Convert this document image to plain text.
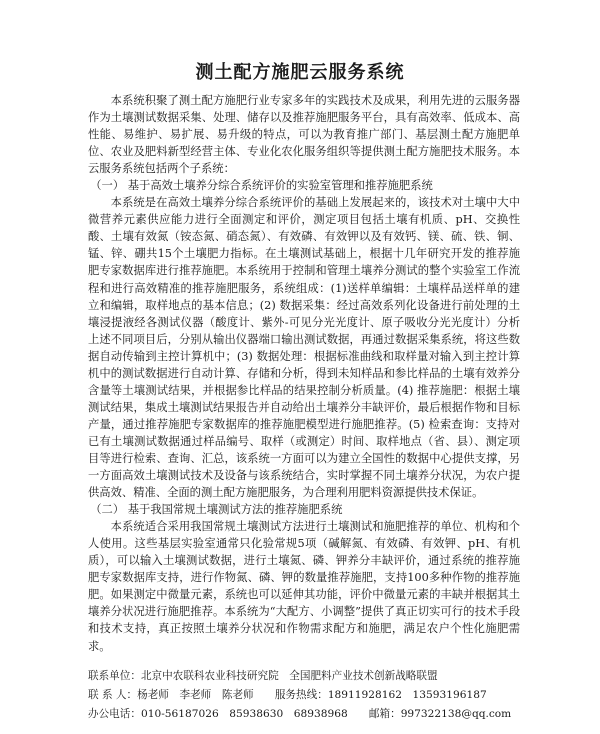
测土配方施肥云服务系统

本系统积聚了测土配方施肥行业专家多年的实践技术及成果，利用先进的云服务器作为土壤测试数据采集、处理、储存以及推荐施肥服务平台，具有高效率、低成本、高性能、易维护、易扩展、易升级的特点，可以为教育推广部门、基层测土配方施肥单位、农业及肥料新型经营主体、专业化农化服务组织等提供测土配方施肥技术服务。本云服务系统包括两个子系统：

（一） 基于高效土壤养分综合系统评价的实验室管理和推荐施肥系统

本系统是在高效土壤养分综合系统评价的基础上发展起来的，该技术对土壤中大中微营养元素供应能力进行全面测定和评价，测定项目包括土壤有机质、pH、交换性酸、土壤有效氮（铵态氮、硝态氮）、有效磷、有效钾以及有效钙、镁、硫、铁、铜、锰、锌、硼共15个土壤肥力指标。在土壤测试基础上，根据十几年研究开发的推荐施肥专家数据库进行推荐施肥。本系统用于控制和管理土壤养分测试的整个实验室工作流程和进行高效精准的推荐施肥服务，系统组成：(1)送样单编辑：土壤样品送样单的建立和编辑，取样地点的基本信息；(2) 数据采集：经过高效系列化设备进行前处理的土壤浸提液经各测试仪器（酸度计、紫外-可见分光光度计、原子吸收分光光度计）分析上述不同项目后，分别从输出仪器端口输出测试数据，再通过数据采集系统，将这些数据自动传输到主控计算机中；(3) 数据处理：根据标准曲线和取样量对输入到主控计算机中的测试数据进行自动计算、存储和分析，得到未知样品和参比样品的土壤有效养分含量等土壤测试结果，并根据参比样品的结果控制分析质量。(4) 推荐施肥：根据土壤测试结果，集成土壤测试结果报告并自动给出土壤养分丰缺评价，最后根据作物和目标产量，通过推荐施肥专家数据库的推荐施肥模型进行施肥推荐。(5) 检索查询：支持对已有土壤测试数据通过样品编号、取样（或测定）时间、取样地点（省、县）、测定项目等进行检索、查询、汇总，该系统一方面可以为建立全国性的数据中心提供支撑，另一方面高效土壤测试技术及设备与该系统结合，实时掌握不同土壤养分状况，为农户提供高效、精准、全面的测土配方施肥服务，为合理利用肥料资源提供技术保证。

（二） 基于我国常规土壤测试方法的推荐施肥系统

本系统适合采用我国常规土壤测试方法进行土壤测试和施肥推荐的单位、机构和个人使用。这些基层实验室通常只化验常规5项（碱解氮、有效磷、有效钾、pH、有机质），可以输入土壤测试数据，进行土壤氮、磷、钾养分丰缺评价，通过系统的推荐施肥专家数据库支持，进行作物氮、磷、钾的数量推荐施肥，支持100多种作物的推荐施肥。如果测定中微量元素，系统也可以延伸其功能，评价中微量元素的丰缺并根据其土壤养分状况进行施肥推荐。本系统为“大配方、小调整”提供了真正切实可行的技术手段和技术支持，真正按照土壤养分状况和作物需求配方和施肥，满足农户个性化施肥需求。

联系单位：北京中农联科农业科技研究院　全国肥料产业技术创新战略联盟

联 系 人：杨老师　李老师　陈老师　　 服务热线：18911928162　13593196187

办公电话：010-56187026　85938630　68938968　　 邮箱：997322138@qq.com
